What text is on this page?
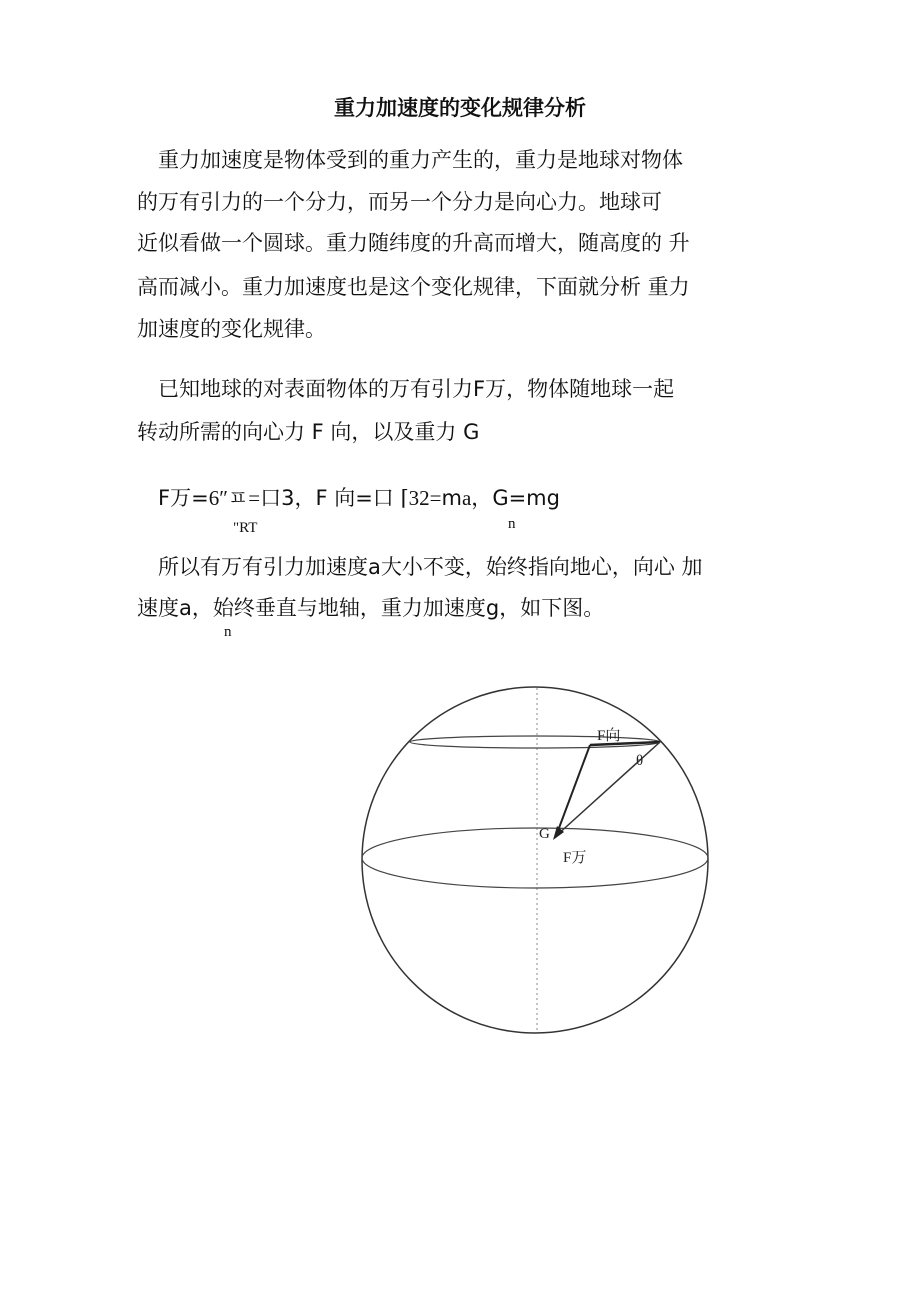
重力加速度的变化规律分析
重力加速度是物体受到的重力产生的，重力是地球对物体
的万有引力的一个分力，而另一个分力是向心力。地球可
近似看做一个圆球。重力随纬度的升高而增大，随高度的 升
高而减小。重力加速度也是这个变化规律，下面就分析 重力
加速度的变化规律。
已知地球的对表面物体的万有引力F万，物体随地球一起
转动所需的向心力 F 向，以及重力 G
F万=6″ㅍ=口3，F 向=口 ⌈32=ma，G=mg
"RT	n
所以有万有引力加速度a大小不变，始终指向地心，向心 加
速度a，始终垂直与地轴，重力加速度g，如下图。
n
F向
θ
G
F万
